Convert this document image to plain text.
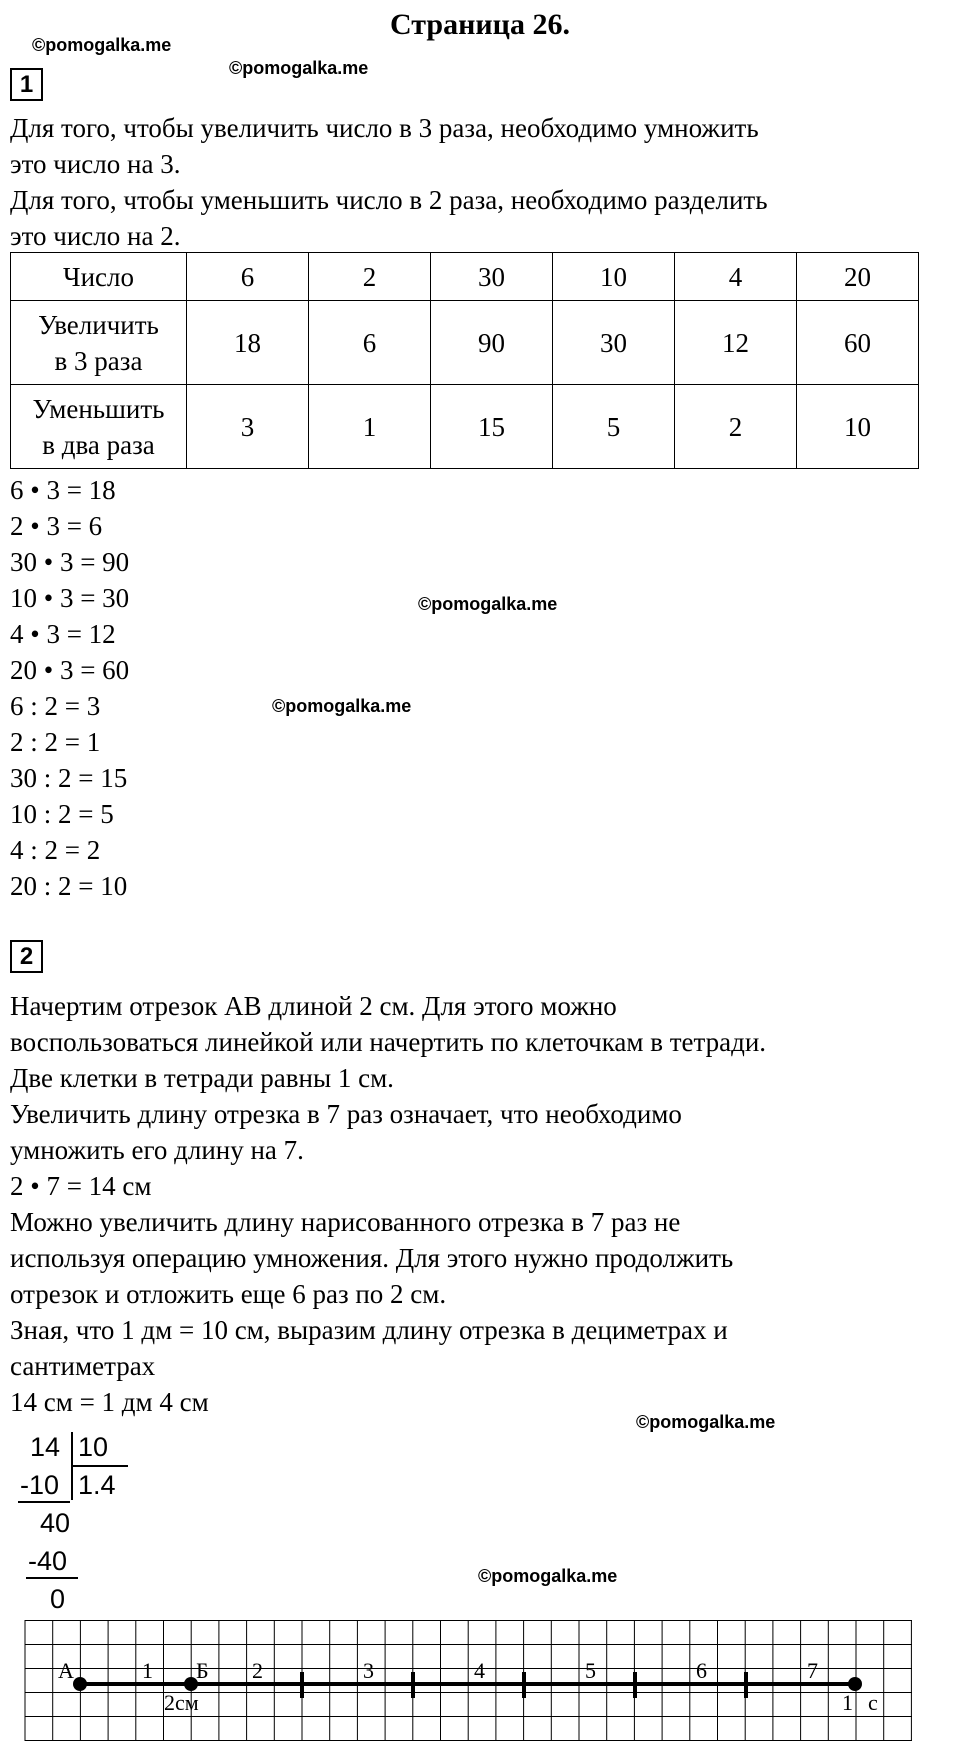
Страница 26.
©pomogalka.me
©pomogalka.me
1
Для того, чтобы увеличить число в 3 раза, необходимо умножить
это число на 3.
Для того, чтобы уменьшить число в 2 раза, необходимо разделить
это число на 2.
Число	6	2	30	10	4	20

Увеличить
в 3 раза	18	6	90	30	12	60

Уменьшить
в два раза	3	1	15	5	2	10
6 • 3 = 18
2 • 3 = 6
30 • 3 = 90
10 • 3 = 30
4 • 3 = 12
20 • 3 = 60
6 : 2 = 3
2 : 2 = 1
30 : 2 = 15
10 : 2 = 5
4 : 2 = 2
20 : 2 = 10
©pomogalka.me
©pomogalka.me
2
Начертим отрезок АВ длиной 2 см. Для этого можно
воспользоваться линейкой или начертить по клеточкам в тетради.
Две клетки в тетради равны 1 см.
Увеличить длину отрезка в 7 раз означает, что необходимо
умножить его длину на 7.
2 • 7 = 14 см
Можно увеличить длину нарисованного отрезка в 7 раз не
используя операцию умножения. Для этого нужно продолжить
отрезок и отложить еще 6 раз по 2 см.
Зная, что 1 дм = 10 см, выразим длину отрезка в дециметрах и
сантиметрах
14 см = 1 дм 4 см
©pomogalka.me
©pomogalka.me
14 10
-10 1.4
40
-40
0
А	Б
1	2	3	4	5	6	7
2см	1 с
